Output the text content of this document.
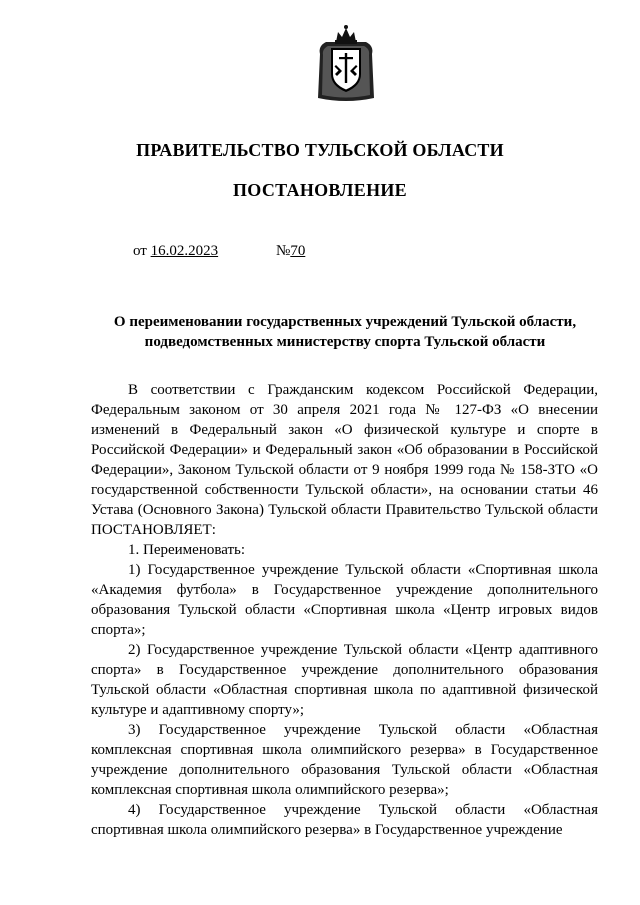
ПРАВИТЕЛЬСТВО ТУЛЬСКОЙ ОБЛАСТИ
ПОСТАНОВЛЕНИЕ
от 16.02.2023	№70
О переименовании государственных учреждений Тульской области,
подведомственных министерству спорта Тульской области

В соответствии с Гражданским кодексом Российской Федерации, Федеральным законом от 30 апреля 2021 года № 127-ФЗ «О внесении изменений в Федеральный закон «О физической культуре и спорте в Российской Федерации» и Федеральный закон «Об образовании в Российской Федерации», Законом Тульской области от 9 ноября 1999 года № 158-ЗТО «О государственной собственности Тульской области», на основании статьи 46 Устава (Основного Закона) Тульской области Правительство Тульской области ПОСТАНОВЛЯЕТ:

1. Переименовать:

1) Государственное учреждение Тульской области «Спортивная школа «Академия футбола» в Государственное учреждение дополнительного образования Тульской области «Спортивная школа «Центр игровых видов спорта»;

2) Государственное учреждение Тульской области «Центр адаптивного спорта» в Государственное учреждение дополнительного образования Тульской области «Областная спортивная школа по адаптивной физической культуре и адаптивному спорту»;

3) Государственное учреждение Тульской области «Областная комплексная спортивная школа олимпийского резерва» в Государственное учреждение дополнительного образования Тульской области «Областная комплексная спортивная школа олимпийского резерва»;

4) Государственное учреждение Тульской области «Областная спортивная школа олимпийского резерва» в Государственное учреждение
